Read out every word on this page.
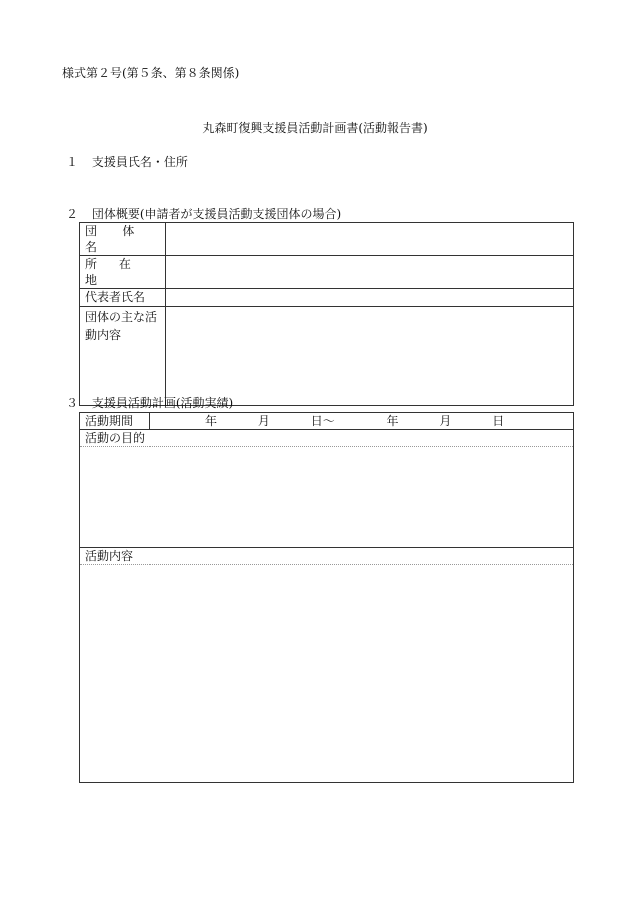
様式第２号(第５条、第８条関係)
丸森町復興支援員活動計画書(活動報告書)
１ 支援員氏名・住所
２ 団体概要(申請者が支援員活動支援団体の場合)
団 体 名	
所 在 地	
代表者氏名	

団体の主な活
動内容	

３ 支援員活動計画(活動実績)
活動期間	年	月	日〜	年	月	日
活動の目的

活動内容
